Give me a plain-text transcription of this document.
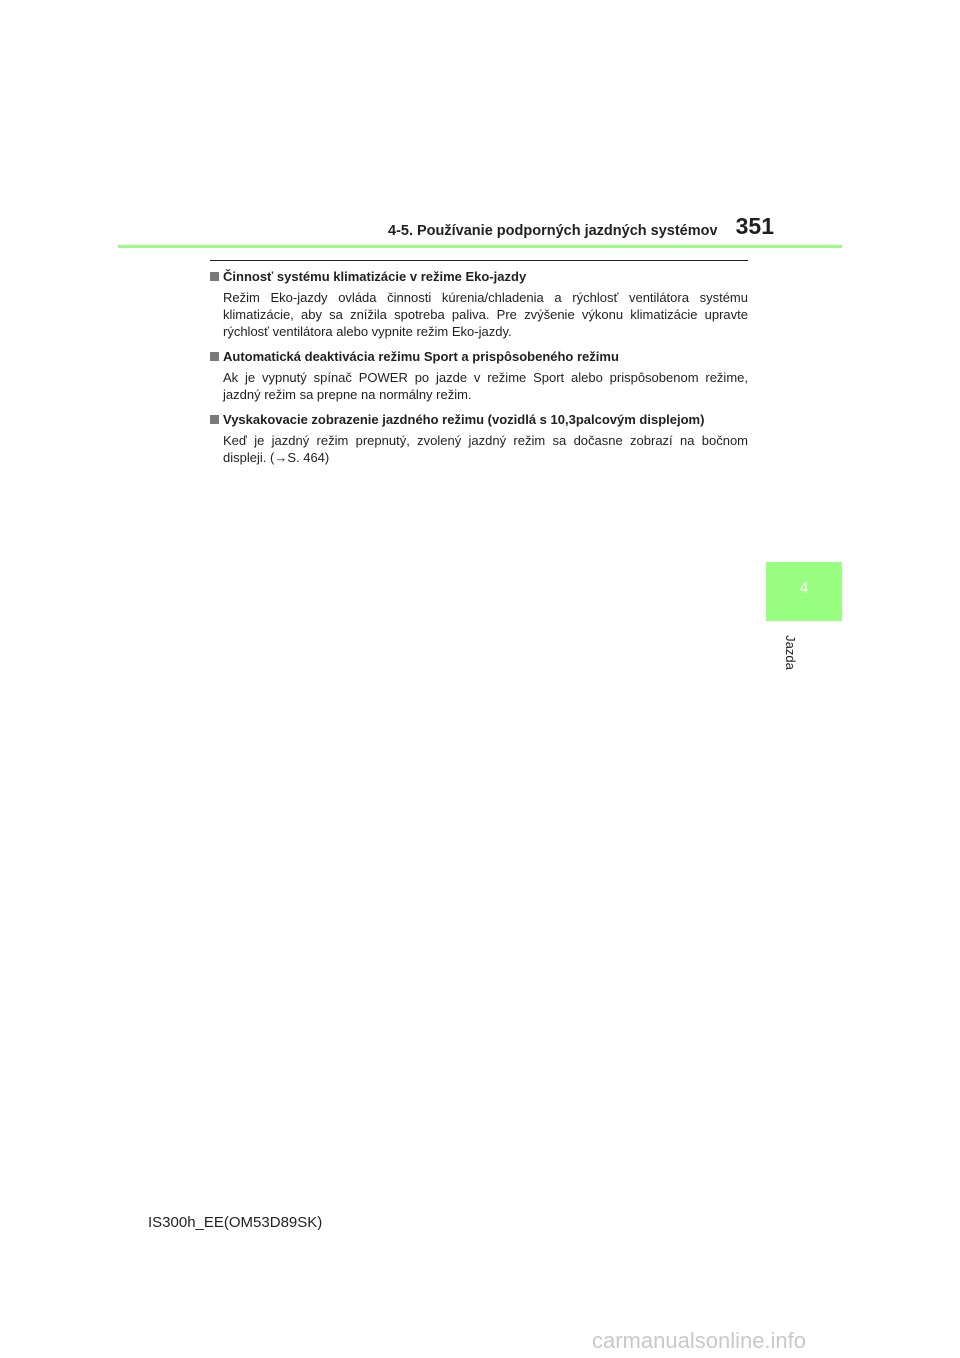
4-5. Používanie podporných jazdných systémov 351
Činnosť systému klimatizácie v režime Eko-jazdy
Režim Eko-jazdy ovláda činnosti kúrenia/chladenia a rýchlosť ventilátora systému klimatizácie, aby sa znížila spotreba paliva. Pre zvýšenie výkonu klimatizácie upravte rýchlosť ventilátora alebo vypnite režim Eko-jazdy.
Automatická deaktivácia režimu Sport a prispôsobeného režimu
Ak je vypnutý spínač POWER po jazde v režime Sport alebo prispôsobenom režime, jazdný režim sa prepne na normálny režim.
Vyskakovacie zobrazenie jazdného režimu (vozidlá s 10,3palcovým displejom)
Keď je jazdný režim prepnutý, zvolený jazdný režim sa dočasne zobrazí na bočnom displeji. (→S. 464)
4
Jazda
IS300h_EE(OM53D89SK)
carmanualsonline.info
